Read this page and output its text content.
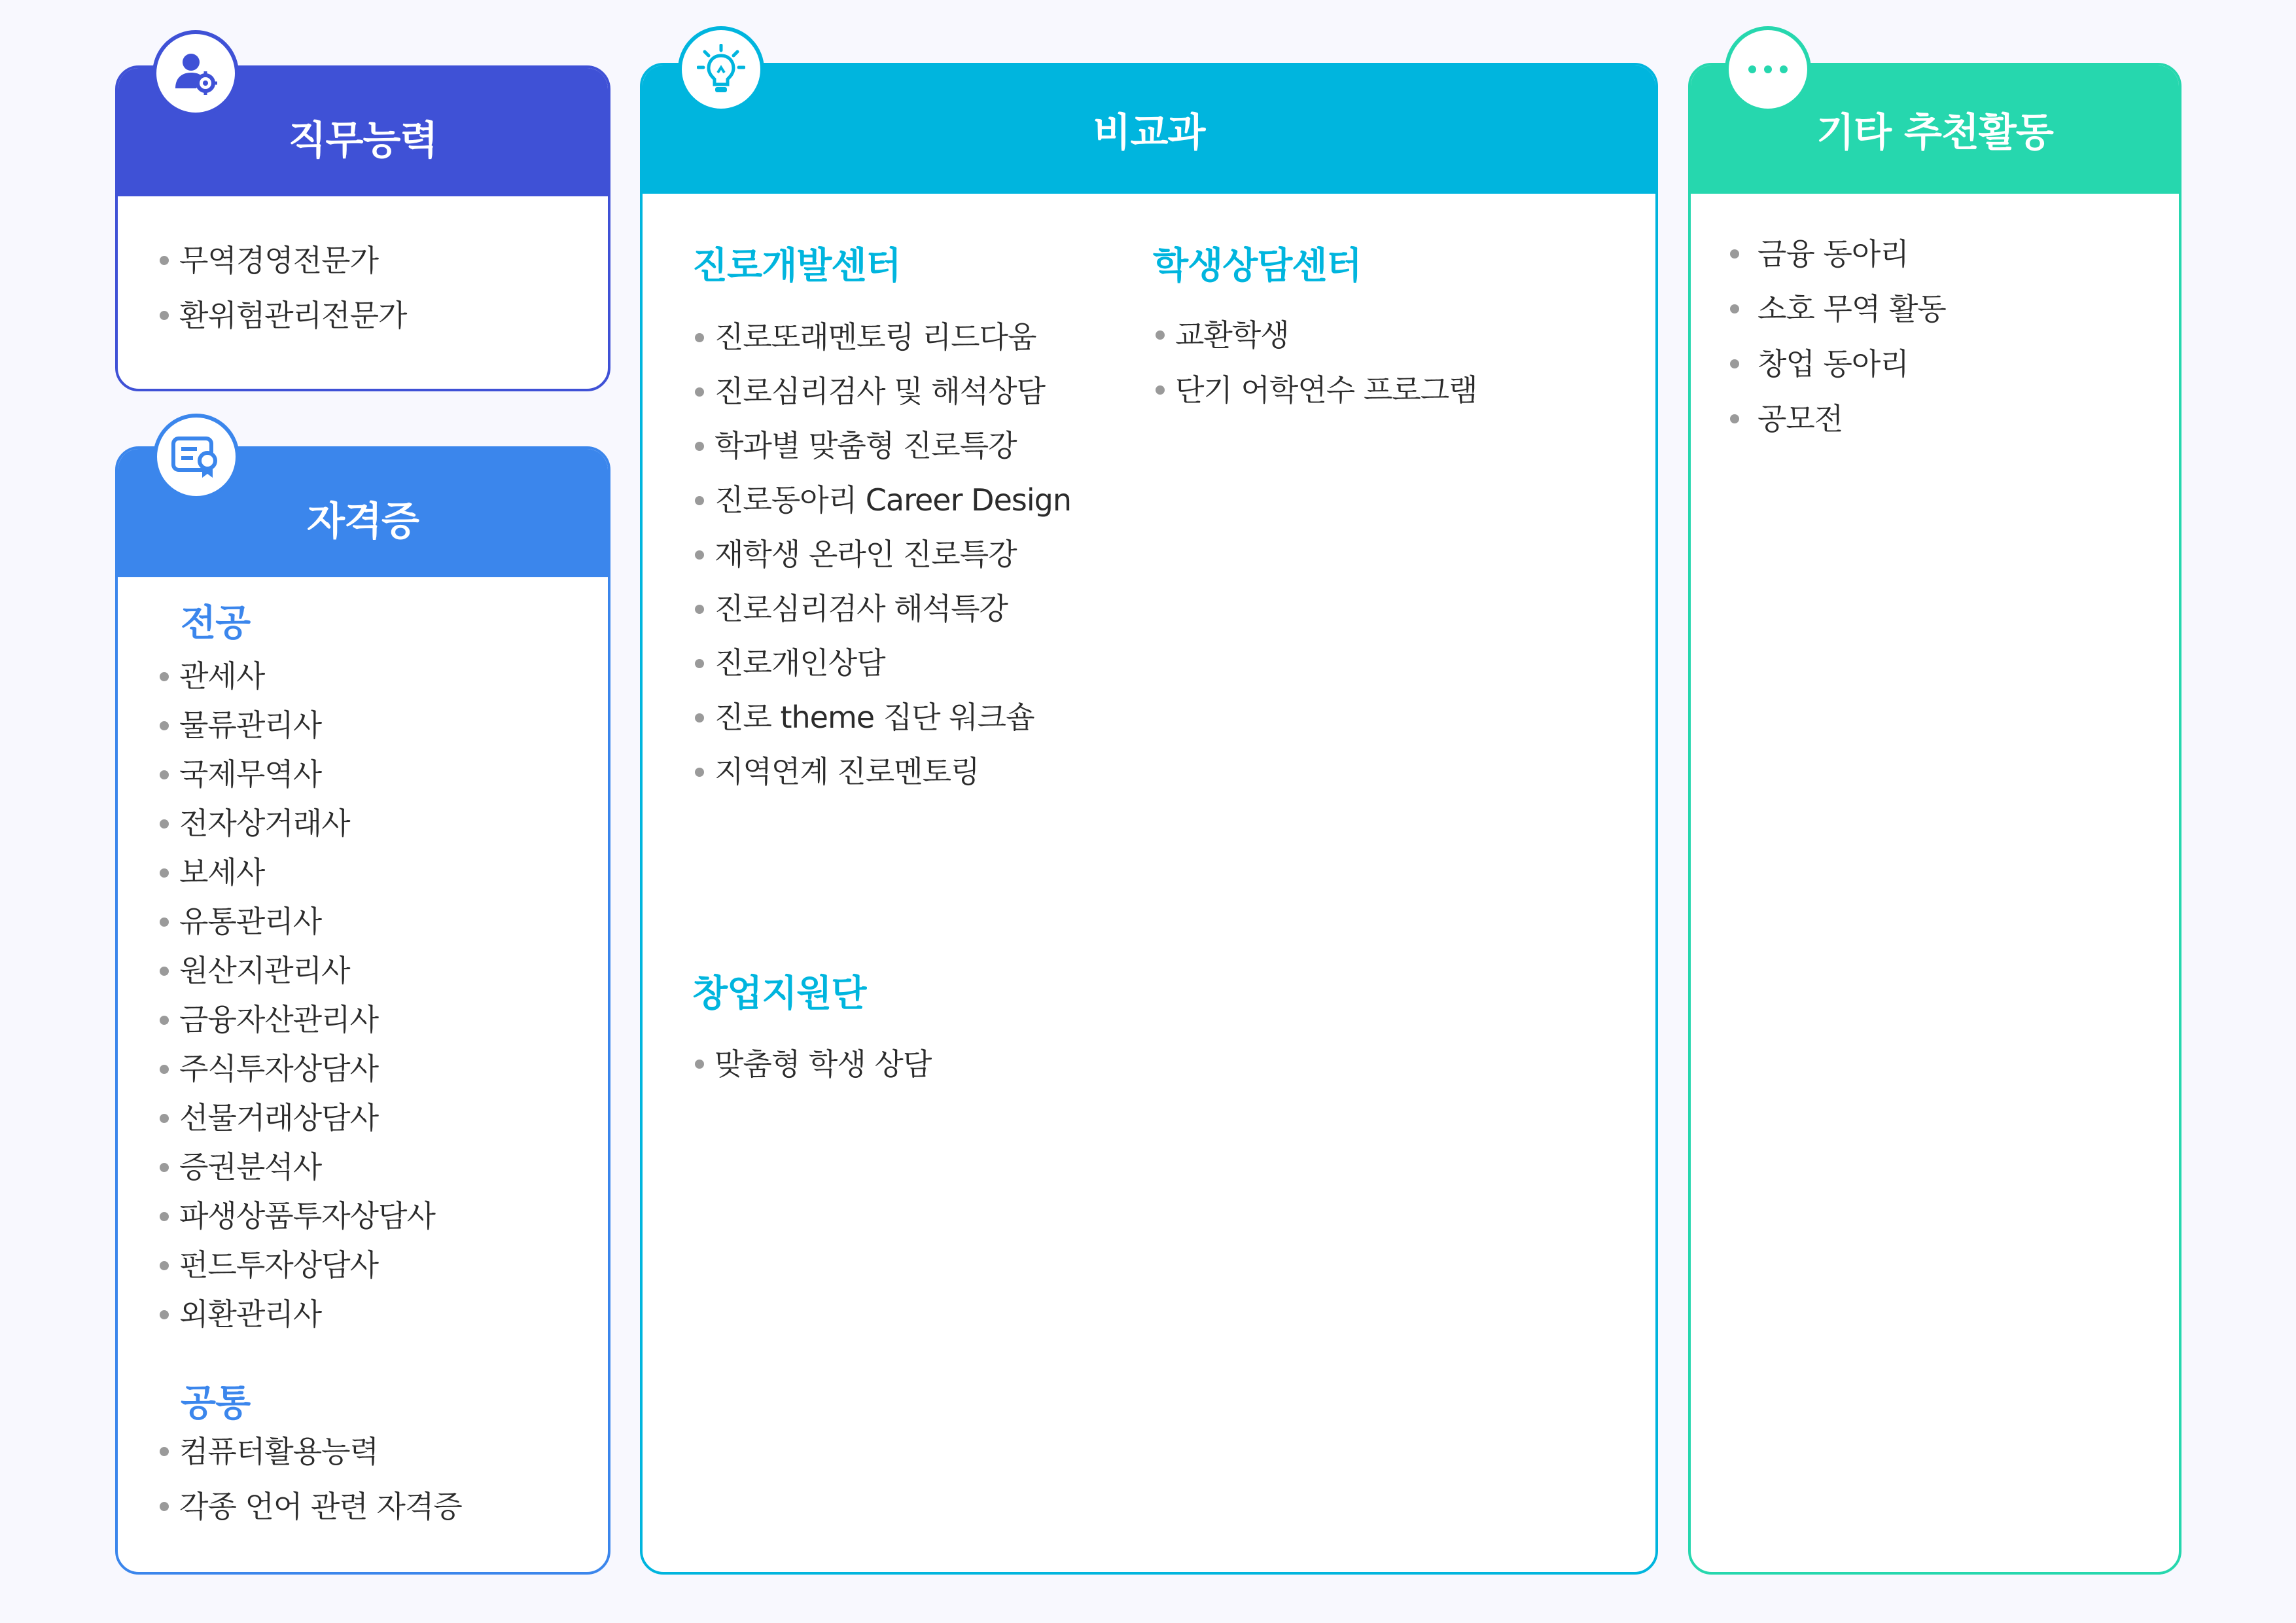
직무능력
무역경영전문가
환위험관리전문가
자격증
전공
관세사
물류관리사
국제무역사
전자상거래사
보세사
유통관리사
원산지관리사
금융자산관리사
주식투자상담사
선물거래상담사
증권분석사
파생상품투자상담사
펀드투자상담사
외환관리사
공통
컴퓨터활용능력
각종 언어 관련 자격증
비교과
진로개발센터
진로또래멘토링 리드다움
진로심리검사 및 해석상담
학과별 맞춤형 진로특강
진로동아리 Career Design
재학생 온라인 진로특강
진로심리검사 해석특강
진로개인상담
진로 theme 집단 워크숍
지역연계 진로멘토링
학생상담센터
교환학생
단기 어학연수 프로그램
창업지원단
맞춤형 학생 상담
기타 추천활동
금융 동아리
소호 무역 활동
창업 동아리
공모전
